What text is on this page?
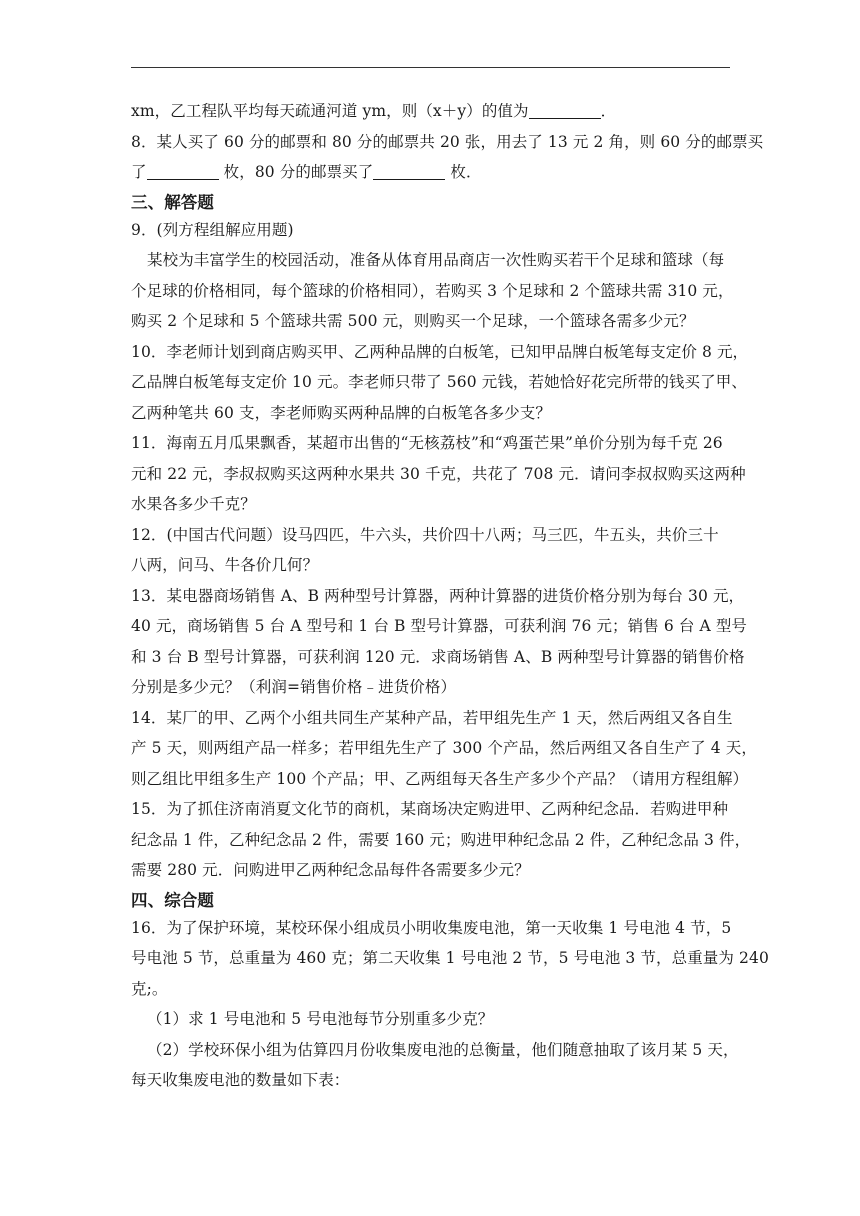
xm，乙工程队平均每天疏通河道 ym，则（x＋y）的值为	．
8．某人买了 60 分的邮票和 80 分的邮票共 20 张，用去了 13 元 2 角，则 60 分的邮票买
了	枚，80 分的邮票买了	枚．
三、解答题
9．(列方程组解应用题)
某校为丰富学生的校园活动，准备从体育用品商店一次性购买若干个足球和篮球（每
个足球的价格相同，每个篮球的价格相同），若购买 3 个足球和 2 个篮球共需 310 元，
购买 2 个足球和 5 个篮球共需 500 元，则购买一个足球，一个篮球各需多少元？
10．李老师计划到商店购买甲、乙两种品牌的白板笔，已知甲品牌白板笔每支定价 8 元，
乙品牌白板笔每支定价 10 元。李老师只带了 560 元钱，若她恰好花完所带的钱买了甲、
乙两种笔共 60 支，李老师购买两种品牌的白板笔各多少支？
11．海南五月瓜果飘香，某超市出售的“无核荔枝”和“鸡蛋芒果”单价分别为每千克 26
元和 22 元，李叔叔购买这两种水果共 30 千克，共花了 708 元．请问李叔叔购买这两种
水果各多少千克？
12．(中国古代问题）设马四匹，牛六头，共价四十八两；马三匹，牛五头，共价三十
八两，问马、牛各价几何？
13．某电器商场销售 A、B 两种型号计算器，两种计算器的进货价格分别为每台 30 元，
40 元，商场销售 5 台 A 型号和 1 台 B 型号计算器，可获利润 76 元；销售 6 台 A 型号
和 3 台 B 型号计算器，可获利润 120 元．求商场销售 A、B 两种型号计算器的销售价格
分别是多少元？（利润=销售价格﹣进货价格）
14．某厂的甲、乙两个小组共同生产某种产品，若甲组先生产 1 天，然后两组又各自生
产 5 天，则两组产品一样多；若甲组先生产了 300 个产品，然后两组又各自生产了 4 天，
则乙组比甲组多生产 100 个产品；甲、乙两组每天各生产多少个产品？（请用方程组解）
15．为了抓住济南消夏文化节的商机，某商场决定购进甲、乙两种纪念品．若购进甲种
纪念品 1 件，乙种纪念品 2 件，需要 160 元；购进甲种纪念品 2 件，乙种纪念品 3 件，
需要 280 元．问购进甲乙两种纪念品每件各需要多少元？
四、综合题
16．为了保护环境，某校环保小组成员小明收集废电池，第一天收集 1 号电池 4 节，5
号电池 5 节，总重量为 460 克；第二天收集 1 号电池 2 节，5 号电池 3 节，总重量为 240
克;。
（1）求 1 号电池和 5 号电池每节分别重多少克？
（2）学校环保小组为估算四月份收集废电池的总衡量，他们随意抽取了该月某 5 天，
每天收集废电池的数量如下表：
